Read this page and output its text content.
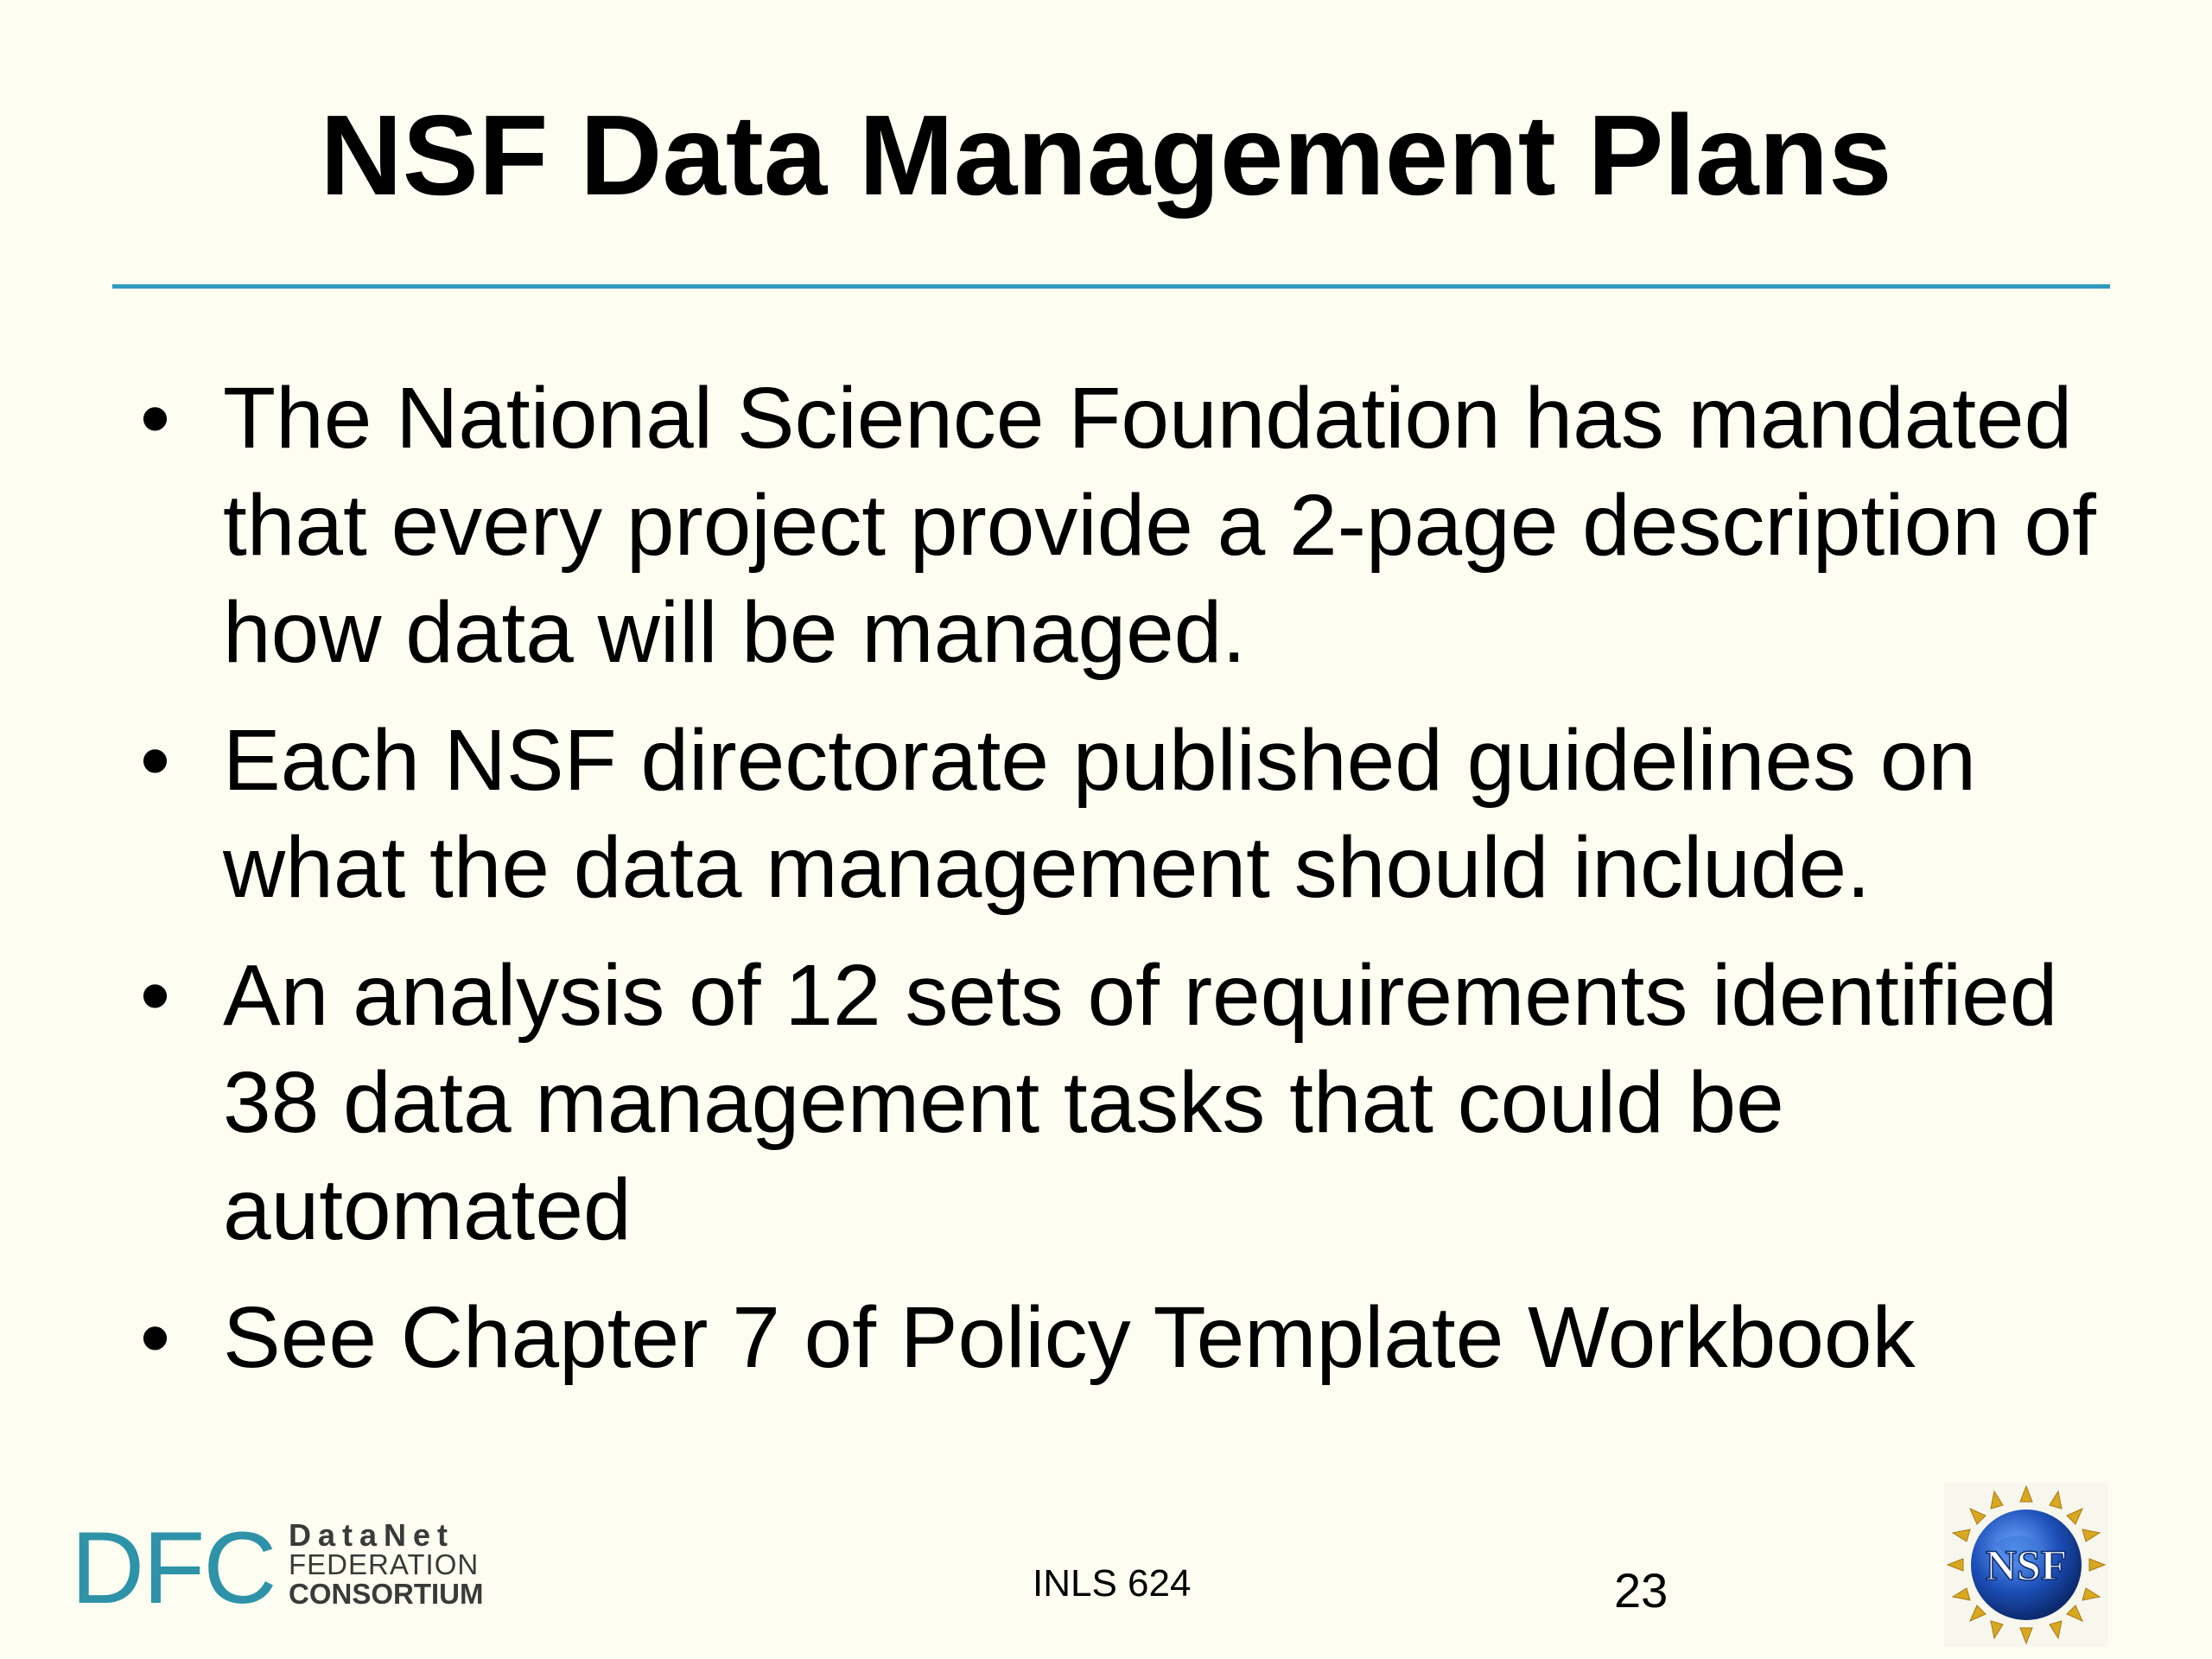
NSF Data Management Plans
• The National Science Foundation has mandated that every project provide a 2-page description of how data will be managed.
• Each NSF directorate published guidelines on what the data management should include.
• An analysis of 12 sets of requirements identified 38 data management tasks that could be automated
• See Chapter 7 of Policy Template Workbook
DFC DataNet
FEDERATION
CONSORTIUM	INLS 624	23	NSF
